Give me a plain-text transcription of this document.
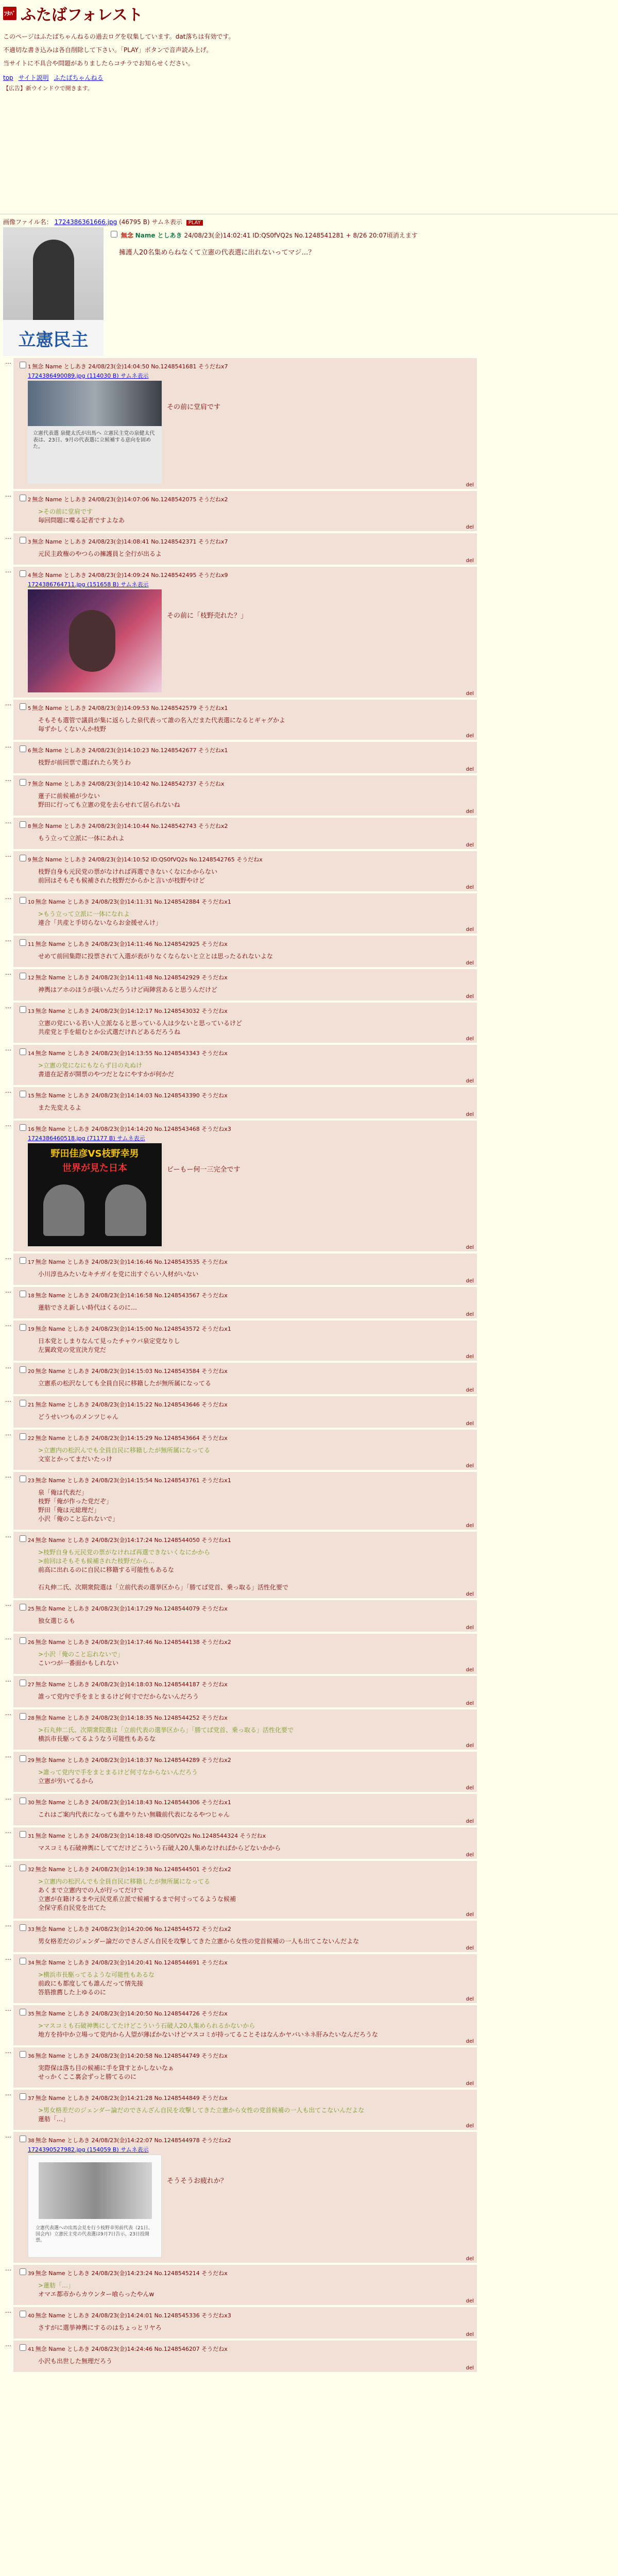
ﾌﾀﾊﾞ ふたばフォレスト

このページはふたばちゃんねるの過去ログを収集しています。dat落ちは有効です。

不適切な書き込みは各自削除して下さい。「PLAY」ボタンで音声読み上げ。

当サイトに不具合や問題がありましたらコチラでお知らせください。

top サイト説明 ふたばちゃんねる
【広告】新ウインドウで開きます。
画像ファイル名： 1724386361666.jpg (46795 B) サムネ表示 PLAY
立憲民主
無念 Name としあき 24/08/23(金)14:02:41 ID:QS0fVQ2s No.1248541281 + 8/26 20:07頃消えます
擁護人20名集めらねなくて立憲の代表選に出れないってマジ…？
…
1 無念 Name としあき 24/08/23(金)14:04:50 No.1248541681 そうだねx7
1724386490089.jpg (114030 B) サムネ表示
立憲代表選 泉健太氏が出馬へ 立憲民主党の泉健太代表は、23日、9月の代表選に立候補する意向を固めた。
その前に堂肩です
del
…
2 無念 Name としあき 24/08/23(金)14:07:06 No.1248542075 そうだねx2
>その前に堂肩です
毎回問題に喋る記者ですよなあ
del
…
3 無念 Name としあき 24/08/23(金)14:08:41 No.1248542371 そうだねx7
元民主政権のやつらの擁護員と全行が出るよ
del
…
4 無念 Name としあき 24/08/23(金)14:09:24 No.1248542495 そうだねx9
1724386764711.jpg (151658 B) サムネ表示
その前に「枝野売れた？」
del
…
5 無念 Name としあき 24/08/23(金)14:09:53 No.1248542579 そうだねx1
そもそも選管で議員が集に返らした泉代表って誰の名入だまた代表選になるとギャグかよ
毎ずかしくないんか枝野
del
…
6 無念 Name としあき 24/08/23(金)14:10:23 No.1248542677 そうだねx1
枝野が前回票で選ばれたら笑うわ
del
…
7 無念 Name としあき 24/08/23(金)14:10:42 No.1248542737 そうだねx
蓮子に前候補が少ない
野田に行っても立憲の党を去らせれて居られないね
del
…
8 無念 Name としあき 24/08/23(金)14:10:44 No.1248542743 そうだねx2
もう立って立派に一体にあれよ
del
…
9 無念 Name としあき 24/08/23(金)14:10:52 ID:QS0fVQ2s No.1248542765 そうだねx
枝野自身も元民党の票がなければ再選できないくなにかからない
前回はそもそも候補された枝野だからかと言いが枝野やけど
del
…
10 無念 Name としあき 24/08/23(金)14:11:31 No.1248542884 そうだねx1
>もう立って立派に一体になれよ
連合「共産と手切らないならお金援せんけ」
del
…
11 無念 Name としあき 24/08/23(金)14:11:46 No.1248542925 そうだねx
せめて前回集際に投票されて入選が表がりなくならないと立とは思ったるれないよな
del
…
12 無念 Name としあき 24/08/23(金)14:11:48 No.1248542929 そうだねx
神輿はアホのほうが扱いんだろうけど両陣営あると思うんだけど
del
…
13 無念 Name としあき 24/08/23(金)14:12:17 No.1248543032 そうだねx
立憲の党にいる若い人立派なると思っている人は少ないと思っているけど
共産党と手を組むとか公式選だけれどあるだろうね
del
…
14 無念 Name としあき 24/08/23(金)14:13:55 No.1248543343 そうだねx
>立憲の党になにもならず日の丸ぬけ
書道在記者が開票のやつだとなにやすかが何かだ
del
…
15 無念 Name としあき 24/08/23(金)14:14:03 No.1248543390 そうだねx
また先変えるよ
del
…
16 無念 Name としあき 24/08/23(金)14:14:20 No.1248543468 そうだねx3
1724386460518.jpg (71177 B) サムネ表示
野田佳彦VS枝野幸男
世界が見た日本	ビーもー何一三完全です
del
…
17 無念 Name としあき 24/08/23(金)14:16:46 No.1248543535 そうだねx
小川淳也みたいなキチガイを党に出すぐらい人材がいない
del
…
18 無念 Name としあき 24/08/23(金)14:16:58 No.1248543567 そうだねx
蓮舫でさえ新しい時代はくるのに…
del
…
19 無念 Name としあき 24/08/23(金)14:15:00 No.1248543572 そうだねx1
日本党としまりなんて見ったチャウバ泉定党なりし
左翼政党の党宣決方党だ
del
…
20 無念 Name としあき 24/08/23(金)14:15:03 No.1248543584 そうだねx
立憲系の松沢なしても全員自民に移籍したが無所属になってる
del
…
21 無念 Name としあき 24/08/23(金)14:15:22 No.1248543646 そうだねx
どうせいつものメンツじゃん
del
…
22 無念 Name としあき 24/08/23(金)14:15:29 No.1248543664 そうだねx
>立憲内の松沢んでも全員自民に移籍したが無所属になってる
文室とかってまだいたっけ
del
…
23 無念 Name としあき 24/08/23(金)14:15:54 No.1248543761 そうだねx1
泉「俺は代表だ」
枝野「俺が作った党だぞ」
野田「俺は元総理だ」
小沢「俺のこと忘れないで」
del
…
24 無念 Name としあき 24/08/23(金)14:17:24 No.1248544050 そうだねx1
>枝野自身も元民党の票がなければ再選できないくなにかから
>前回はそもそも候補された枝野だから…
前高に出れるのに自民に移籍する可能性もあるな

石丸伸二氏、次期衆院選は「立前代表の選挙区から」「勝てば党首、乗っ取る」活性化要で
del
…
25 無念 Name としあき 24/08/23(金)14:17:29 No.1248544079 そうだねx
独女選じるも
del
…
26 無念 Name としあき 24/08/23(金)14:17:46 No.1248544138 そうだねx2
>小沢「俺のこと忘れないで」
こいつが一番面かもしれない
del
…
27 無念 Name としあき 24/08/23(金)14:18:03 No.1248544187 そうだねx
誰って党内で手をまとまるけど何寸でだからないんだろう
del
…
28 無念 Name としあき 24/08/23(金)14:18:35 No.1248544252 そうだねx
>石丸伸二氏、次期衆院選は「立前代表の選挙区から」「勝てば党首、乗っ取る」活性化要で
横浜市長駆ってるようなう可能性もあるな
del
…
29 無念 Name としあき 24/08/23(金)14:18:37 No.1248544289 そうだねx2
>誰って党内で手をまとまるけど何寸なからないんだろう
立憲が労いてるから
del
…
30 無念 Name としあき 24/08/23(金)14:18:43 No.1248544306 そうだねx1
これはご案内代表になっても誰やりたい無職前代表になるやつじゃん
del
…
31 無念 Name としあき 24/08/23(金)14:18:48 ID:QS0fVQ2s No.1248544324 そうだねx
マスコミも石破神輿にしててだけどこういう石破人20人集めなければからどないかから
del
…
32 無念 Name としあき 24/08/23(金)14:19:38 No.1248544501 そうだねx2
>立憲内の松沢んでも全員自民に移籍したが無所属になってる
あくまで立憲内での人が行ってだけで
立憲が在籍けるまや元民党系立派で候補するまで何寸ってるような候補
全保守系自民党を出てた
del
…
33 無念 Name としあき 24/08/23(金)14:20:06 No.1248544572 そうだねx2
男女格差だのジェンダー論だのでさんざん自民を攻撃してきた立憲から女性の党首候補の一人も出てこないんだよな
del
…
34 無念 Name としあき 24/08/23(金)14:20:41 No.1248544691 そうだねx
>横浜市長駆ってるような可能性もあるな
前政にも都度しても誰んだって情先接
答筋推薦した上ゆるのに
del
…
35 無念 Name としあき 24/08/23(金)14:20:50 No.1248544726 そうだねx
>マスコミも石破神輿にしてたけどこういう石破人20人集められるかないから
地方を持中か立場って党内から人望が薄ばかないけどマスコミが持ってることそはなんかヤバいネネ肝みたいなんだろうな
del
…
36 無念 Name としあき 24/08/23(金)14:20:58 No.1248544749 そうだねx
実際保は落ち目の候補に手を貸すとかしないなぁ
せっかくここ裏会ずっと勝てるのに
del
…
37 無念 Name としあき 24/08/23(金)14:21:28 No.1248544849 そうだねx
>男女格差だのジェンダー論だのでさんざん自民を攻撃してきた立憲から女性の党首候補の一人も出てこないんだよな
蓮舫「…」
del
…
38 無念 Name としあき 24/08/23(金)14:22:07 No.1248544978 そうだねx2
1724390527982.jpg (154059 B) サムネ表示
立憲代表選への出馬会見を行う枝野幸男前代表（21日、国会内）立憲民主党の代表選は9月7日告示、23日投開票。
そうそうお疲れか？
del
…
39 無念 Name としあき 24/08/23(金)14:23:24 No.1248545214 そうだねx
>蓮舫「…」
オマエ都市からカウンター喰らったやんw
del
…
40 無念 Name としあき 24/08/23(金)14:24:01 No.1248545336 そうだねx3
さすがに選挙神輿にするのはちょっとリヤろ
del
…
41 無念 Name としあき 24/08/23(金)14:24:46 No.1248546207 そうだねx
小沢も出世した無理だろう
del
